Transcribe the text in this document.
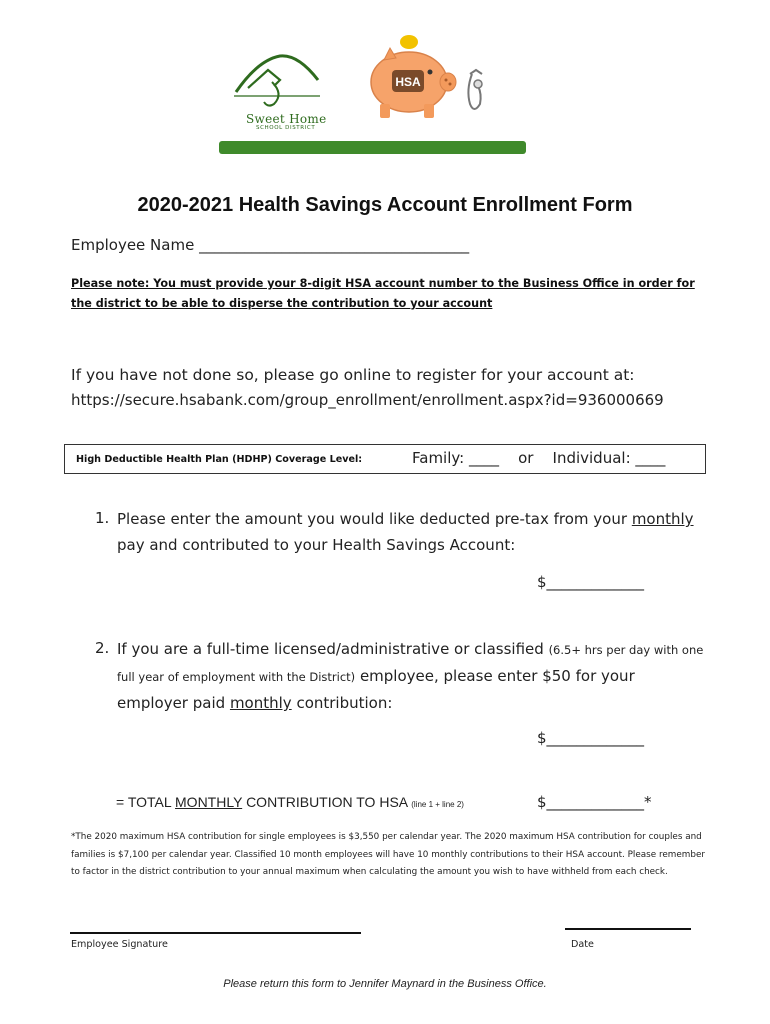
Sweet Home
SCHOOL DISTRICT
HSA
2020-2021 Health Savings Account Enrollment Form
Employee Name ____________________________________
Please note: You must provide your 8-digit HSA account number to the Business Office in order for
the district to be able to disperse the contribution to your account
If you have not done so, please go online to register for your account at:
https://secure.hsabank.com/group_enrollment/enrollment.aspx?id=936000669
High Deductible Health Plan (HDHP) Coverage Level:	Family: ____ or Individual: ____
1. Please enter the amount you would like deducted pre-tax from your monthly
pay and contributed to your Health Savings Account:
$_____________
2. If you are a full-time licensed/administrative or classified (6.5+ hrs per day with one
full year of employment with the District) employee, please enter $50 for your
employer paid monthly contribution:
$_____________
= TOTAL MONTHLY CONTRIBUTION TO HSA (line 1 + line 2)	$_____________*
*The 2020 maximum HSA contribution for single employees is $3,550 per calendar year. The 2020 maximum HSA contribution for couples and families is $7,100 per calendar year. Classified 10 month employees will have 10 monthly contributions to their HSA account. Please remember to factor in the district contribution to your annual maximum when calculating the amount you wish to have withheld from each check.
Employee Signature	Date
Please return this form to Jennifer Maynard in the Business Office.
